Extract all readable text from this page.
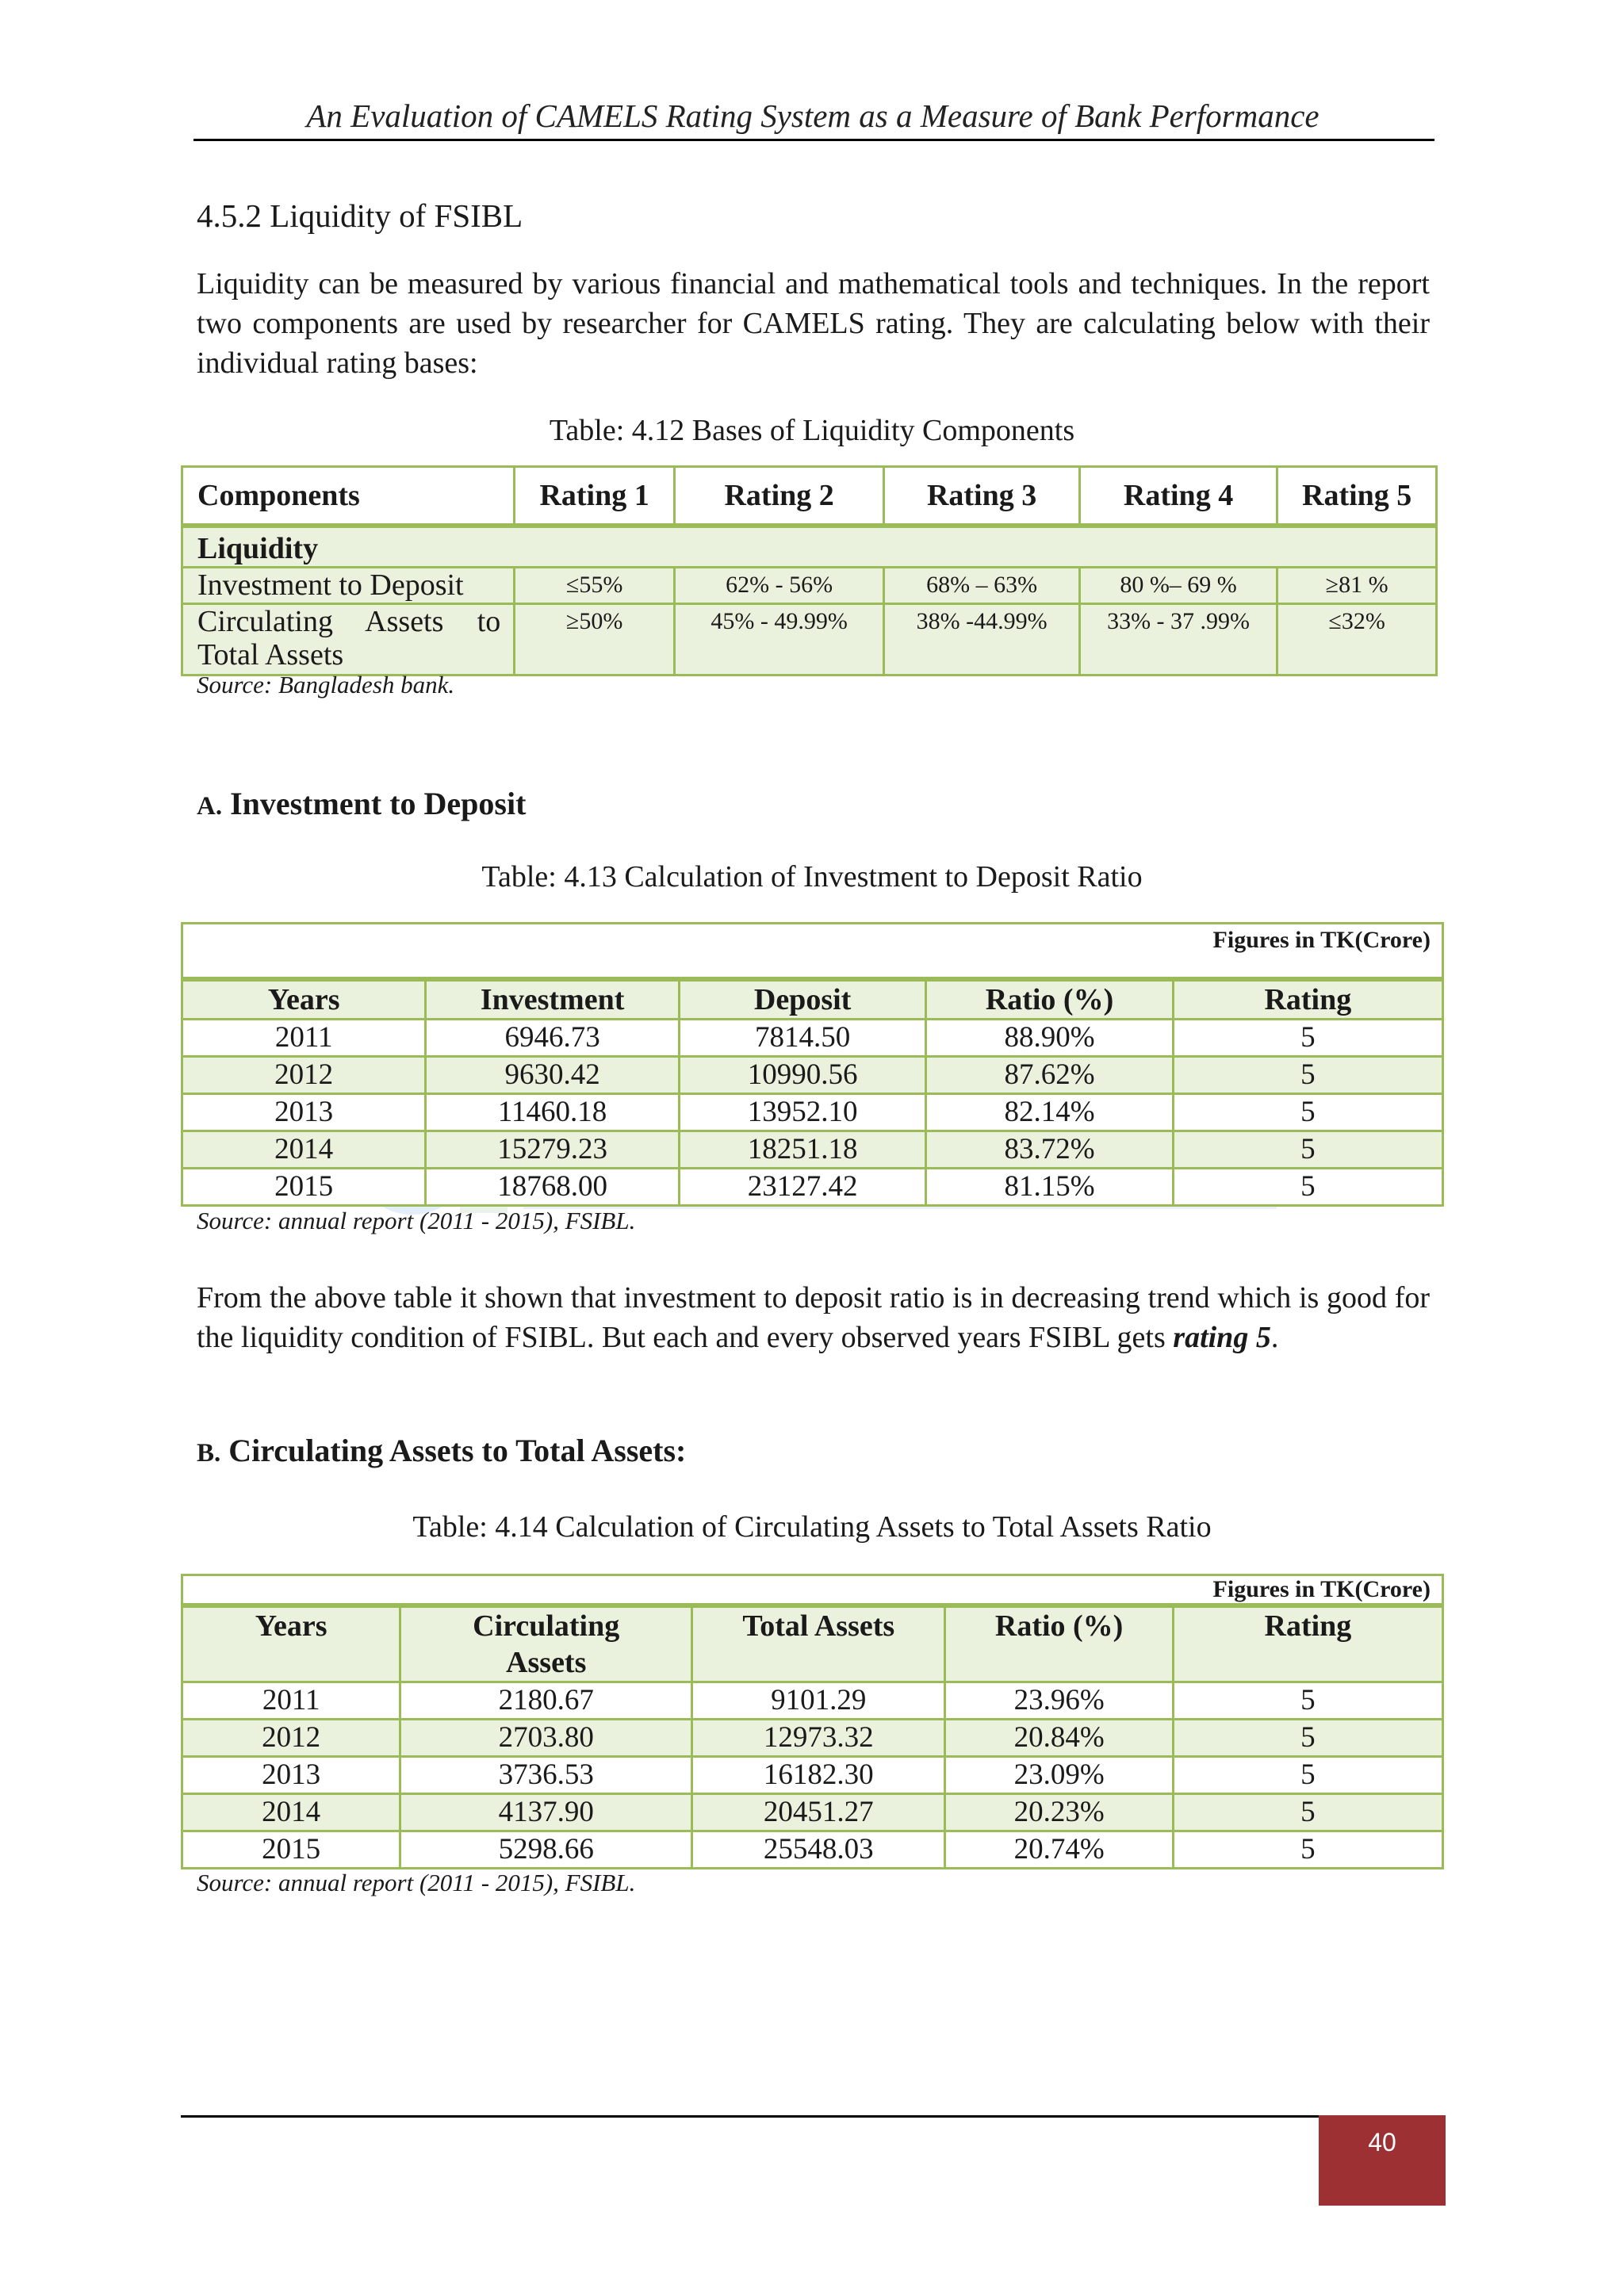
An Evaluation of CAMELS Rating System as a Measure of Bank Performance
4.5.2 Liquidity of FSIBL
Liquidity can be measured by various financial and mathematical tools and techniques. In the report two components are used by researcher for CAMELS rating. They are calculating below with their individual rating bases:
Table: 4.12 Bases of Liquidity Components
Components	Rating 1	Rating 2	Rating 3	Rating 4	Rating 5
Liquidity					
Investment to Deposit	≤55%	62% - 56%	68% – 63%	80 %– 69 %	≥81 %
Circulating Assets to Total Assets	≥50%	45% - 49.99%	38% -44.99%	33% - 37 .99%	≤32%
Source: Bangladesh bank.
A. Investment to Deposit
Table: 4.13 Calculation of Investment to Deposit Ratio
Figures in TK(Crore)				
Years	Investment	Deposit	Ratio (%)	Rating
2011	6946.73	7814.50	88.90%	5
2012	9630.42	10990.56	87.62%	5
2013	11460.18	13952.10	82.14%	5
2014	15279.23	18251.18	83.72%	5
2015	18768.00	23127.42	81.15%	5
Source: annual report (2011 - 2015), FSIBL.
From the above table it shown that investment to deposit ratio is in decreasing trend which is good for the liquidity condition of FSIBL. But each and every observed years FSIBL gets rating 5.
B. Circulating Assets to Total Assets:
Table: 4.14 Calculation of Circulating Assets to Total Assets Ratio
Figures in TK(Crore)				
Years	Circulating Assets	Total Assets	Ratio (%)	Rating
2011	2180.67	9101.29	23.96%	5
2012	2703.80	12973.32	20.84%	5
2013	3736.53	16182.30	23.09%	5
2014	4137.90	20451.27	20.23%	5
2015	5298.66	25548.03	20.74%	5
Source: annual report (2011 - 2015), FSIBL.
40
